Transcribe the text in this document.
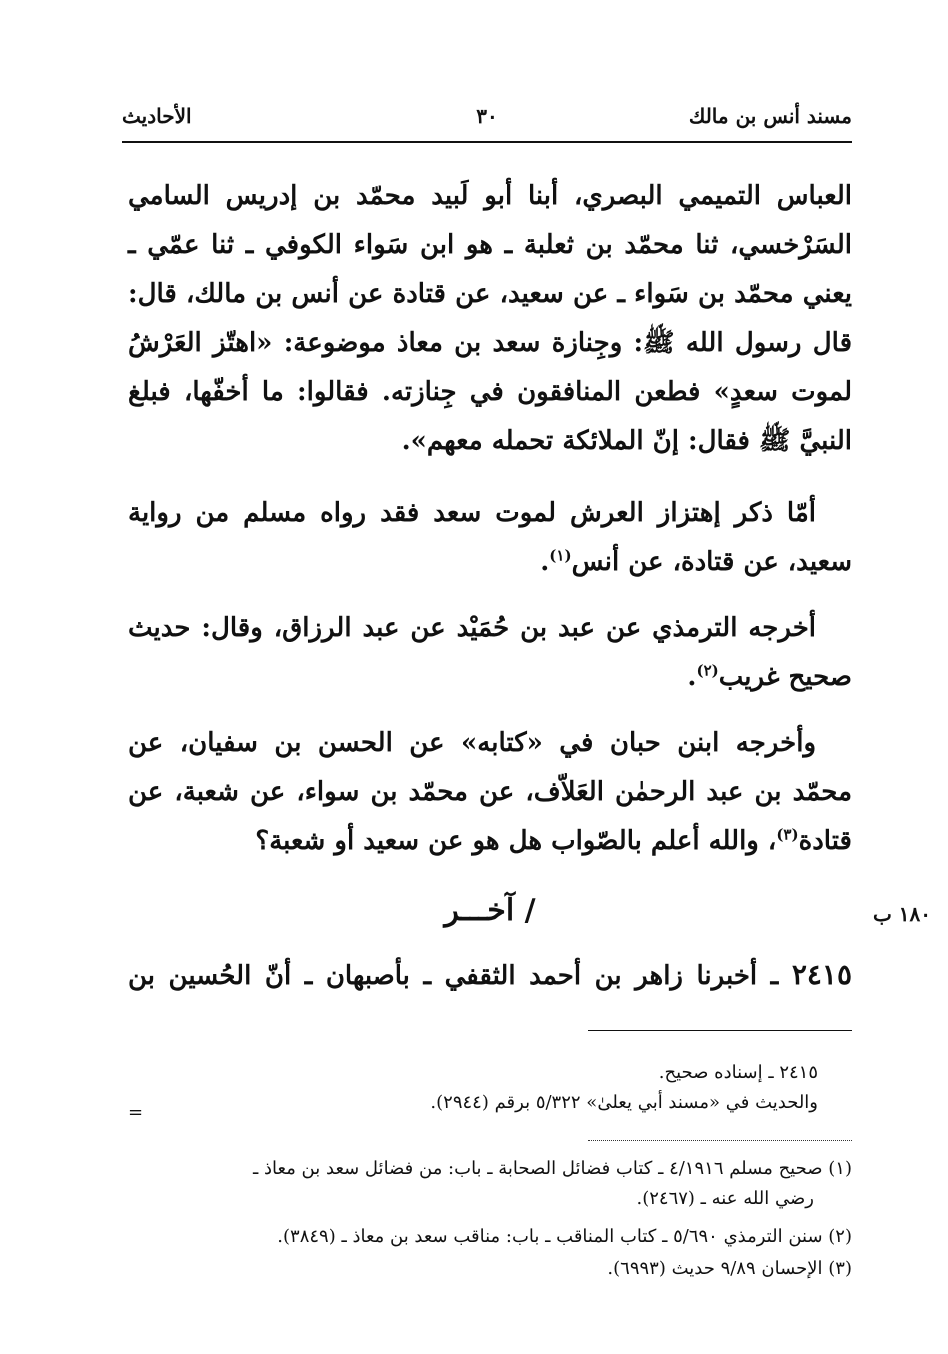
مسند أنس بن مالك
٣٠
الأحاديث
العباس التميمي البصري، أبنا أبو لَبيد محمّد بن إدريس السامي السَرْخسي، ثنا محمّد بن ثعلبة ـ هو ابن سَواء الكوفي ـ ثنا عمّي ـ يعني محمّد بن سَواء ـ عن سعيد، عن قتادة عن أنس بن مالك، قال: قال رسول الله ﷺ: وجِنازة سعد بن معاذ موضوعة: «اهتّز العَرْشُ لموت سعدٍ» فطعن المنافقون في جِنازته. فقالوا: ما أخفّها، فبلغ النبيَّ ﷺ فقال: إنّ الملائكة تحمله معهم».
أمّا ذكر إهتزاز العرش لموت سعد فقد رواه مسلم من رواية سعيد، عن قتادة، عن أنس$^{(١)}$.
أخرجه الترمذي عن عبد بن حُمَيْد عن عبد الرزاق، وقال: حديث صحيح غريب$^{(٢)}$.
وأخرجه ابنن حبان في «كتابه» عن الحسن بن سفيان، عن محمّد بن عبد الرحمٰن العَلاّف، عن محمّد بن سواء، عن شعبة، عن قتادة$^{(٣)}$، والله أعلم بالصّواب هل هو عن سعيد أو شعبة؟
/ آخـــر	١٨٠ ب
٢٤١٥ ـ أخبرنا زاهر بن أحمد الثقفي ـ بأصبهان ـ أنّ الحُسين بن
٢٤١٥ ـ إسناده صحيح.
والحديث في «مسند أبي يعلىٰ» ٥/٣٢٢ برقم (٢٩٤٤).
=
(١) صحيح مسلم ٤/١٩١٦ ـ كتاب فضائل الصحابة ـ باب: من فضائل سعد بن معاذ ـ
رضي الله عنه ـ (٢٤٦٧).
(٢) سنن الترمذي ٥/٦٩٠ ـ كتاب المناقب ـ باب: مناقب سعد بن معاذ ـ (٣٨٤٩).
(٣) الإحسان ٩/٨٩ حديث (٦٩٩٣).
